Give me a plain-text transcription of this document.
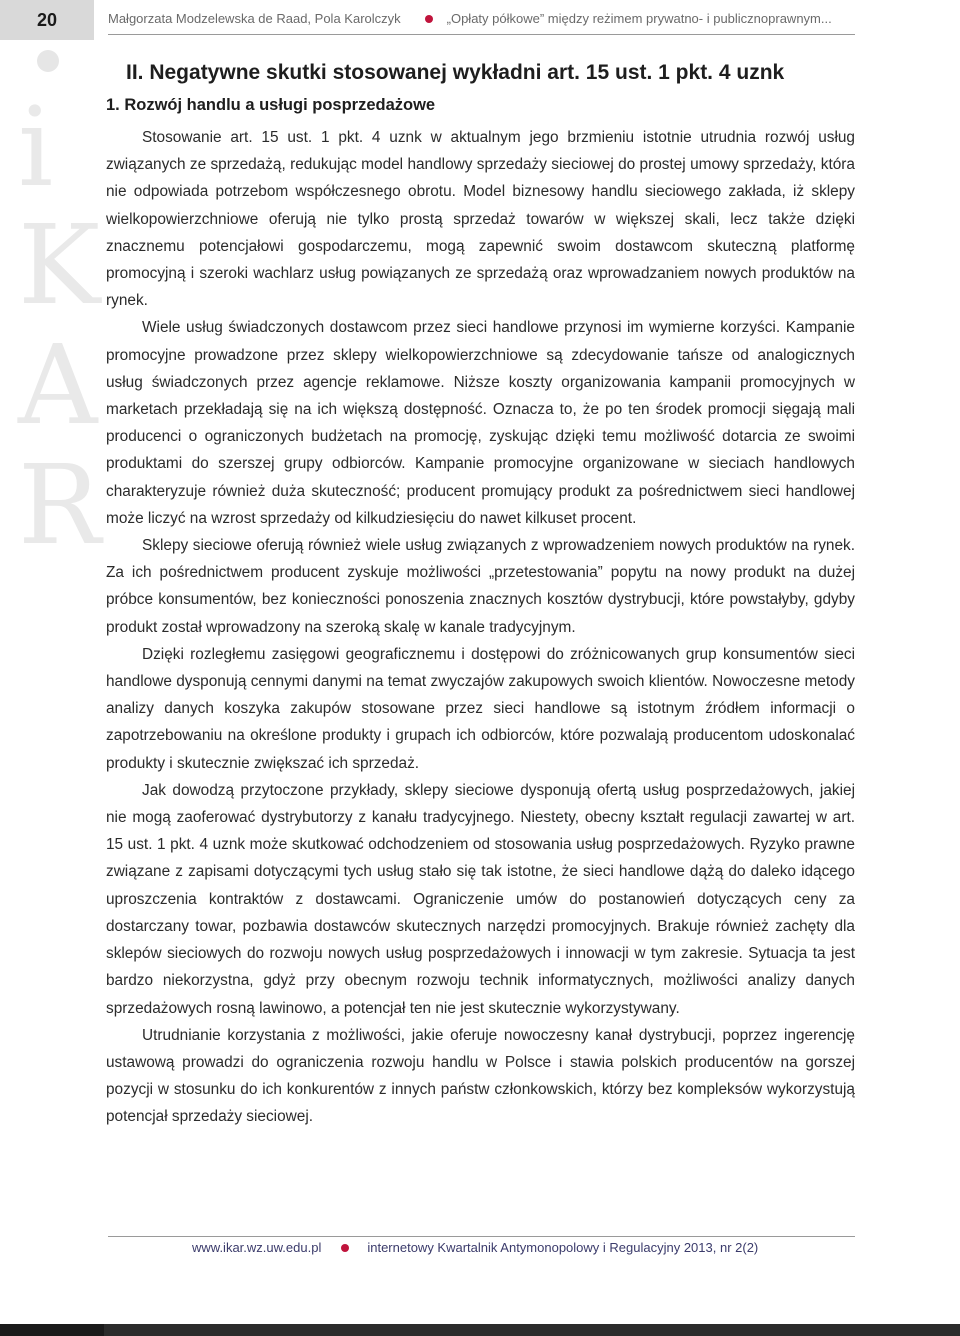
20	Małgorzata Modzelewska de Raad, Pola Karolczyk	„Opłaty półkowe” między reżimem prywatno- i publicznoprawnym...
i
K
A
R
II. Negatywne skutki stosowanej wykładni art. 15 ust. 1 pkt. 4 uznk
1. Rozwój handlu a usługi posprzedażowe

Stosowanie art. 15 ust. 1 pkt. 4 uznk w aktualnym jego brzmieniu istotnie utrudnia rozwój usług związanych ze sprzedażą, redukując model handlowy sprzedaży sieciowej do prostej umowy sprzedaży, która nie odpowiada potrzebom współczesnego obrotu. Model biznesowy handlu sieciowego zakłada, iż sklepy wielkopowierzchniowe oferują nie tylko prostą sprzedaż towarów w większej skali, lecz także dzięki znacznemu potencjałowi gospodarczemu, mogą zapewnić swoim dostawcom skuteczną platformę promocyjną i szeroki wachlarz usług powiązanych ze sprzedażą oraz wprowadzaniem nowych produktów na rynek.

Wiele usług świadczonych dostawcom przez sieci handlowe przynosi im wymierne korzyści. Kampanie promocyjne prowadzone przez sklepy wielkopowierzchniowe są zdecydowanie tańsze od analogicznych usług świadczonych przez agencje reklamowe. Niższe koszty organizowania kampanii promocyjnych w marketach przekładają się na ich większą dostępność. Oznacza to, że po ten środek promocji sięgają mali producenci o ograniczonych budżetach na promocję, zyskując dzięki temu możliwość dotarcia ze swoimi produktami do szerszej grupy odbiorców. Kampanie promocyjne organizowane w sieciach handlowych charakteryzuje również duża skuteczność; producent promujący produkt za pośrednictwem sieci handlowej może liczyć na wzrost sprzedaży od kilkudziesięciu do nawet kilkuset procent.

Sklepy sieciowe oferują również wiele usług związanych z wprowadzeniem nowych produktów na rynek. Za ich pośrednictwem producent zyskuje możliwości „przetestowania” popytu na nowy produkt na dużej próbce konsumentów, bez konieczności ponoszenia znacznych kosztów dystrybucji, które powstałyby, gdyby produkt został wprowadzony na szeroką skalę w kanale tradycyjnym.

Dzięki rozległemu zasięgowi geograficznemu i dostępowi do zróżnicowanych grup konsumentów sieci handlowe dysponują cennymi danymi na temat zwyczajów zakupowych swoich klientów. Nowoczesne metody analizy danych koszyka zakupów stosowane przez sieci handlowe są istotnym źródłem informacji o zapotrzebowaniu na określone produkty i grupach ich odbiorców, które pozwalają producentom udoskonalać produkty i skutecznie zwiększać ich sprzedaż.

Jak dowodzą przytoczone przykłady, sklepy sieciowe dysponują ofertą usług posprzedażowych, jakiej nie mogą zaoferować dystrybutorzy z kanału tradycyjnego. Niestety, obecny kształt regulacji zawartej w art. 15 ust. 1 pkt. 4 uznk może skutkować odchodzeniem od stosowania usług posprzedażowych. Ryzyko prawne związane z zapisami dotyczącymi tych usług stało się tak istotne, że sieci handlowe dążą do daleko idącego uproszczenia kontraktów z dostawcami. Ograniczenie umów do postanowień dotyczących ceny za dostarczany towar, pozbawia dostawców skutecznych narzędzi promocyjnych. Brakuje również zachęty dla sklepów sieciowych do rozwoju nowych usług posprzedażowych i innowacji w tym zakresie. Sytuacja ta jest bardzo niekorzystna, gdyż przy obecnym rozwoju technik informatycznych, możliwości analizy danych sprzedażowych rosną lawinowo, a potencjał ten nie jest skutecznie wykorzystywany.

Utrudnianie korzystania z możliwości, jakie oferuje nowoczesny kanał dystrybucji, poprzez ingerencję ustawową prowadzi do ograniczenia rozwoju handlu w Polsce i stawia polskich producentów na gorszej pozycji w stosunku do ich konkurentów z innych państw członkowskich, którzy bez kompleksów wykorzystują potencjał sprzedaży sieciowej.

www.ikar.wz.uw.edu.pl	internetowy Kwartalnik Antymonopolowy i Regulacyjny 2013, nr 2(2)
